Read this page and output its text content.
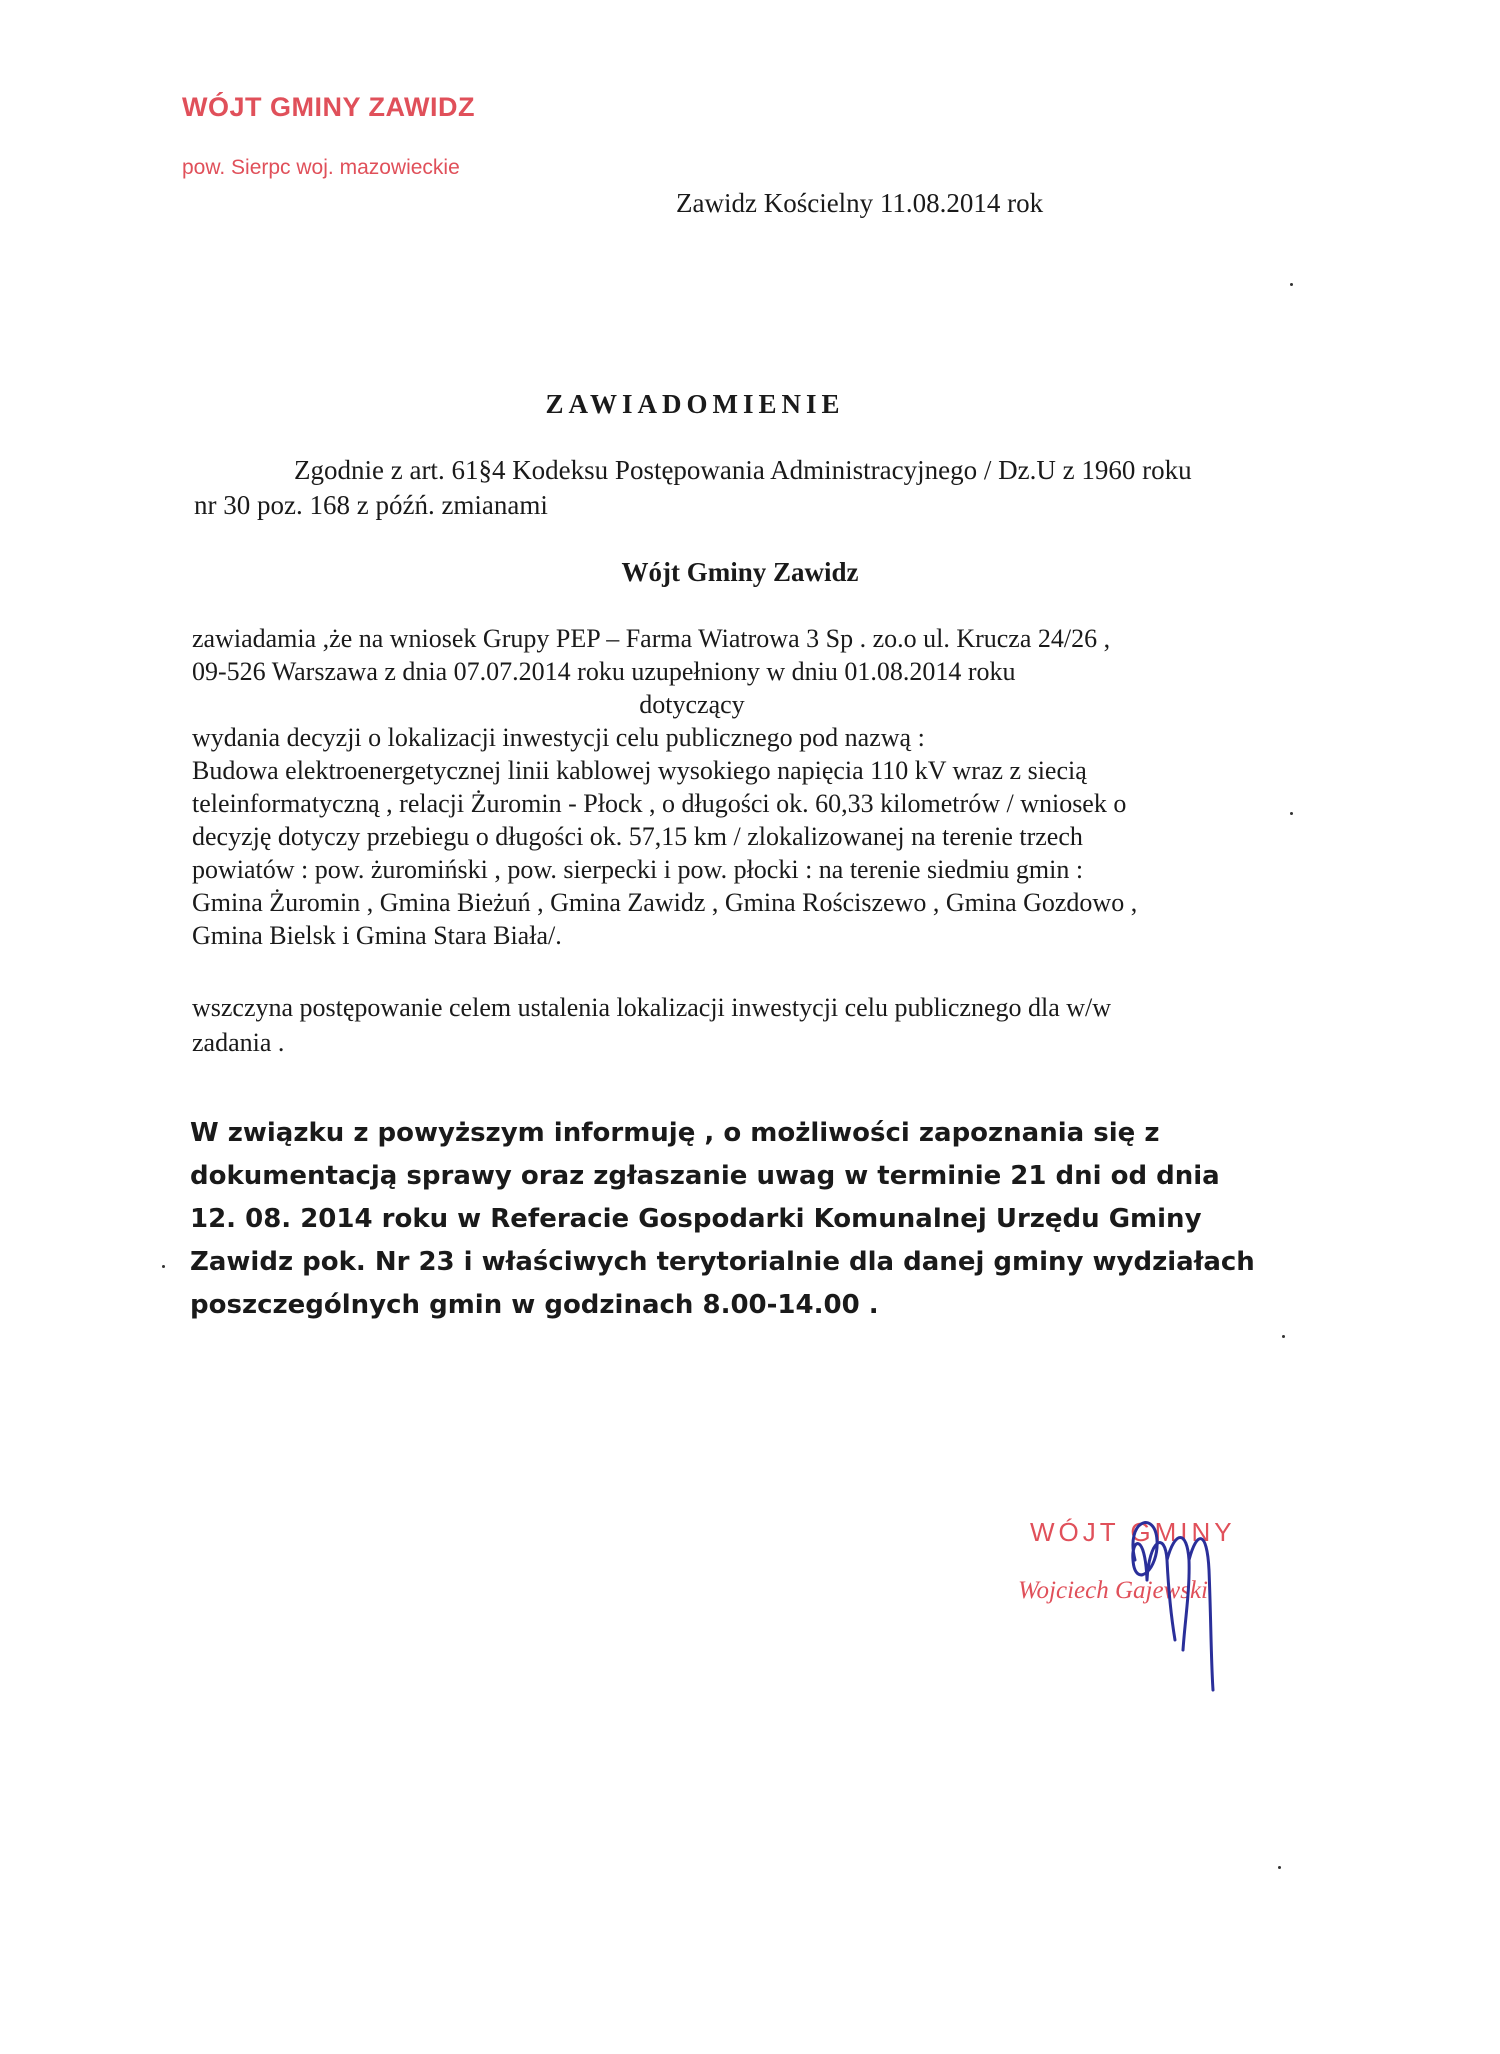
WÓJT GMINY ZAWIDZ
pow. Sierpc woj. mazowieckie
Zawidz Kościelny 11.08.2014 rok
ZAWIADOMIENIE
Zgodnie z art. 61§4 Kodeksu Postępowania Administracyjnego / Dz.U z 1960 roku
nr 30 poz. 168 z późń. zmianami
Wójt Gminy Zawidz
zawiadamia ,że na wniosek Grupy PEP – Farma Wiatrowa 3 Sp . zo.o ul. Krucza 24/26 ,
09-526 Warszawa z dnia 07.07.2014 roku uzupełniony w dniu 01.08.2014 roku
dotyczący
wydania decyzji o lokalizacji inwestycji celu publicznego pod nazwą :
Budowa elektroenergetycznej linii kablowej wysokiego napięcia 110 kV wraz z siecią
teleinformatyczną , relacji Żuromin - Płock , o długości ok. 60,33 kilometrów / wniosek o
decyzję dotyczy przebiegu o długości ok. 57,15 km / zlokalizowanej na terenie trzech
powiatów : pow. żuromiński , pow. sierpecki i pow. płocki : na terenie siedmiu gmin :
Gmina Żuromin , Gmina Bieżuń , Gmina Zawidz , Gmina Rościszewo , Gmina Gozdowo ,
Gmina Bielsk i Gmina Stara Biała/.
wszczyna postępowanie celem ustalenia lokalizacji inwestycji celu publicznego dla w/w
zadania .
W związku z powyższym informuję , o możliwości zapoznania się z
dokumentacją sprawy oraz zgłaszanie uwag w terminie 21 dni od dnia
12. 08. 2014 roku w Referacie Gospodarki Komunalnej Urzędu Gminy
Zawidz pok. Nr 23 i właściwych terytorialnie dla danej gminy wydziałach
poszczególnych gmin w godzinach 8.00-14.00 .
WÓJT GMINY
Wojciech Gajewski
